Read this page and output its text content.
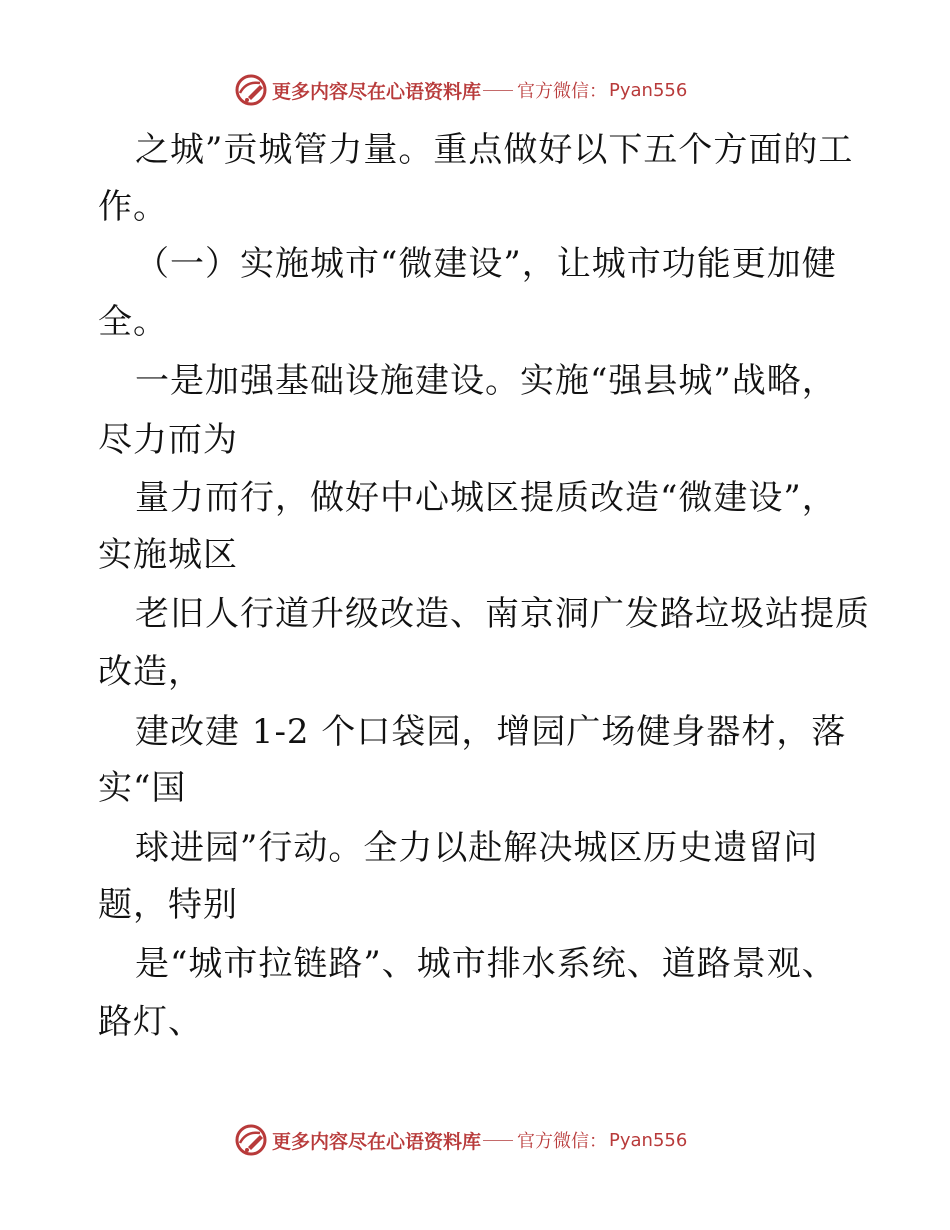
更多内容尽在心语资料库 官方微信： Pyan556
之城”贡城管力量。重点做好以下五个方面的工
作。
（一）实施城市“微建设”，让城市功能更加健
全。
一是加强基础设施建设。实施“强县城”战略，
尽力而为
量力而行，做好中心城区提质改造“微建设”，
实施城区
老旧人行道升级改造、南京洞广发路垃圾站提质
改造，
建改建 1-2 个口袋园，增园广场健身器材，落
实“国
球进园”行动。全力以赴解决城区历史遗留问
题，特别
是“城市拉链路”、城市排水系统、道路景观、
路灯、
更多内容尽在心语资料库 官方微信： Pyan556
